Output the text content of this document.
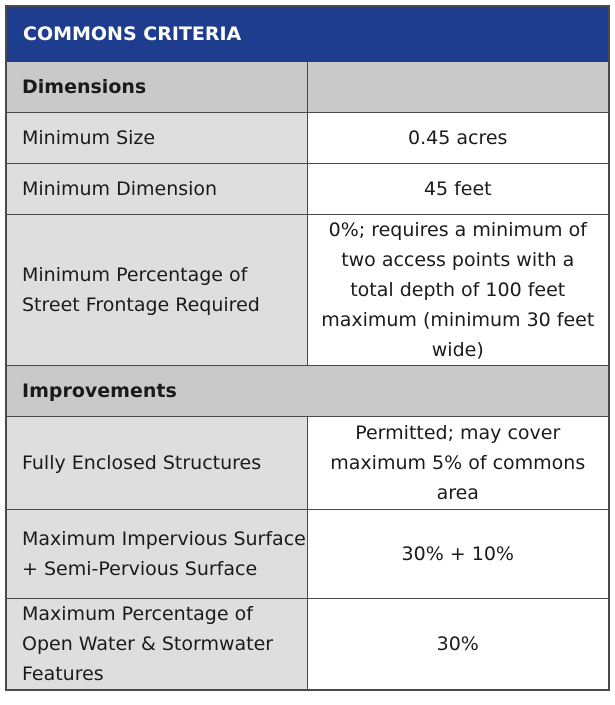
COMMONS CRITERIA	
Dimensions	
Minimum Size	0.45 acres
Minimum Dimension	45 feet
Minimum Percentage of Street Frontage Required	0%; requires a minimum of two access points with a total depth of 100 feet maximum (minimum 30 feet wide)
Improvements	
Fully Enclosed Structures	Permitted; may cover maximum 5% of commons area
Maximum Impervious Surface + Semi-Pervious Surface	30% + 10%
Maximum Percentage of Open Water & Stormwater Features	30%
